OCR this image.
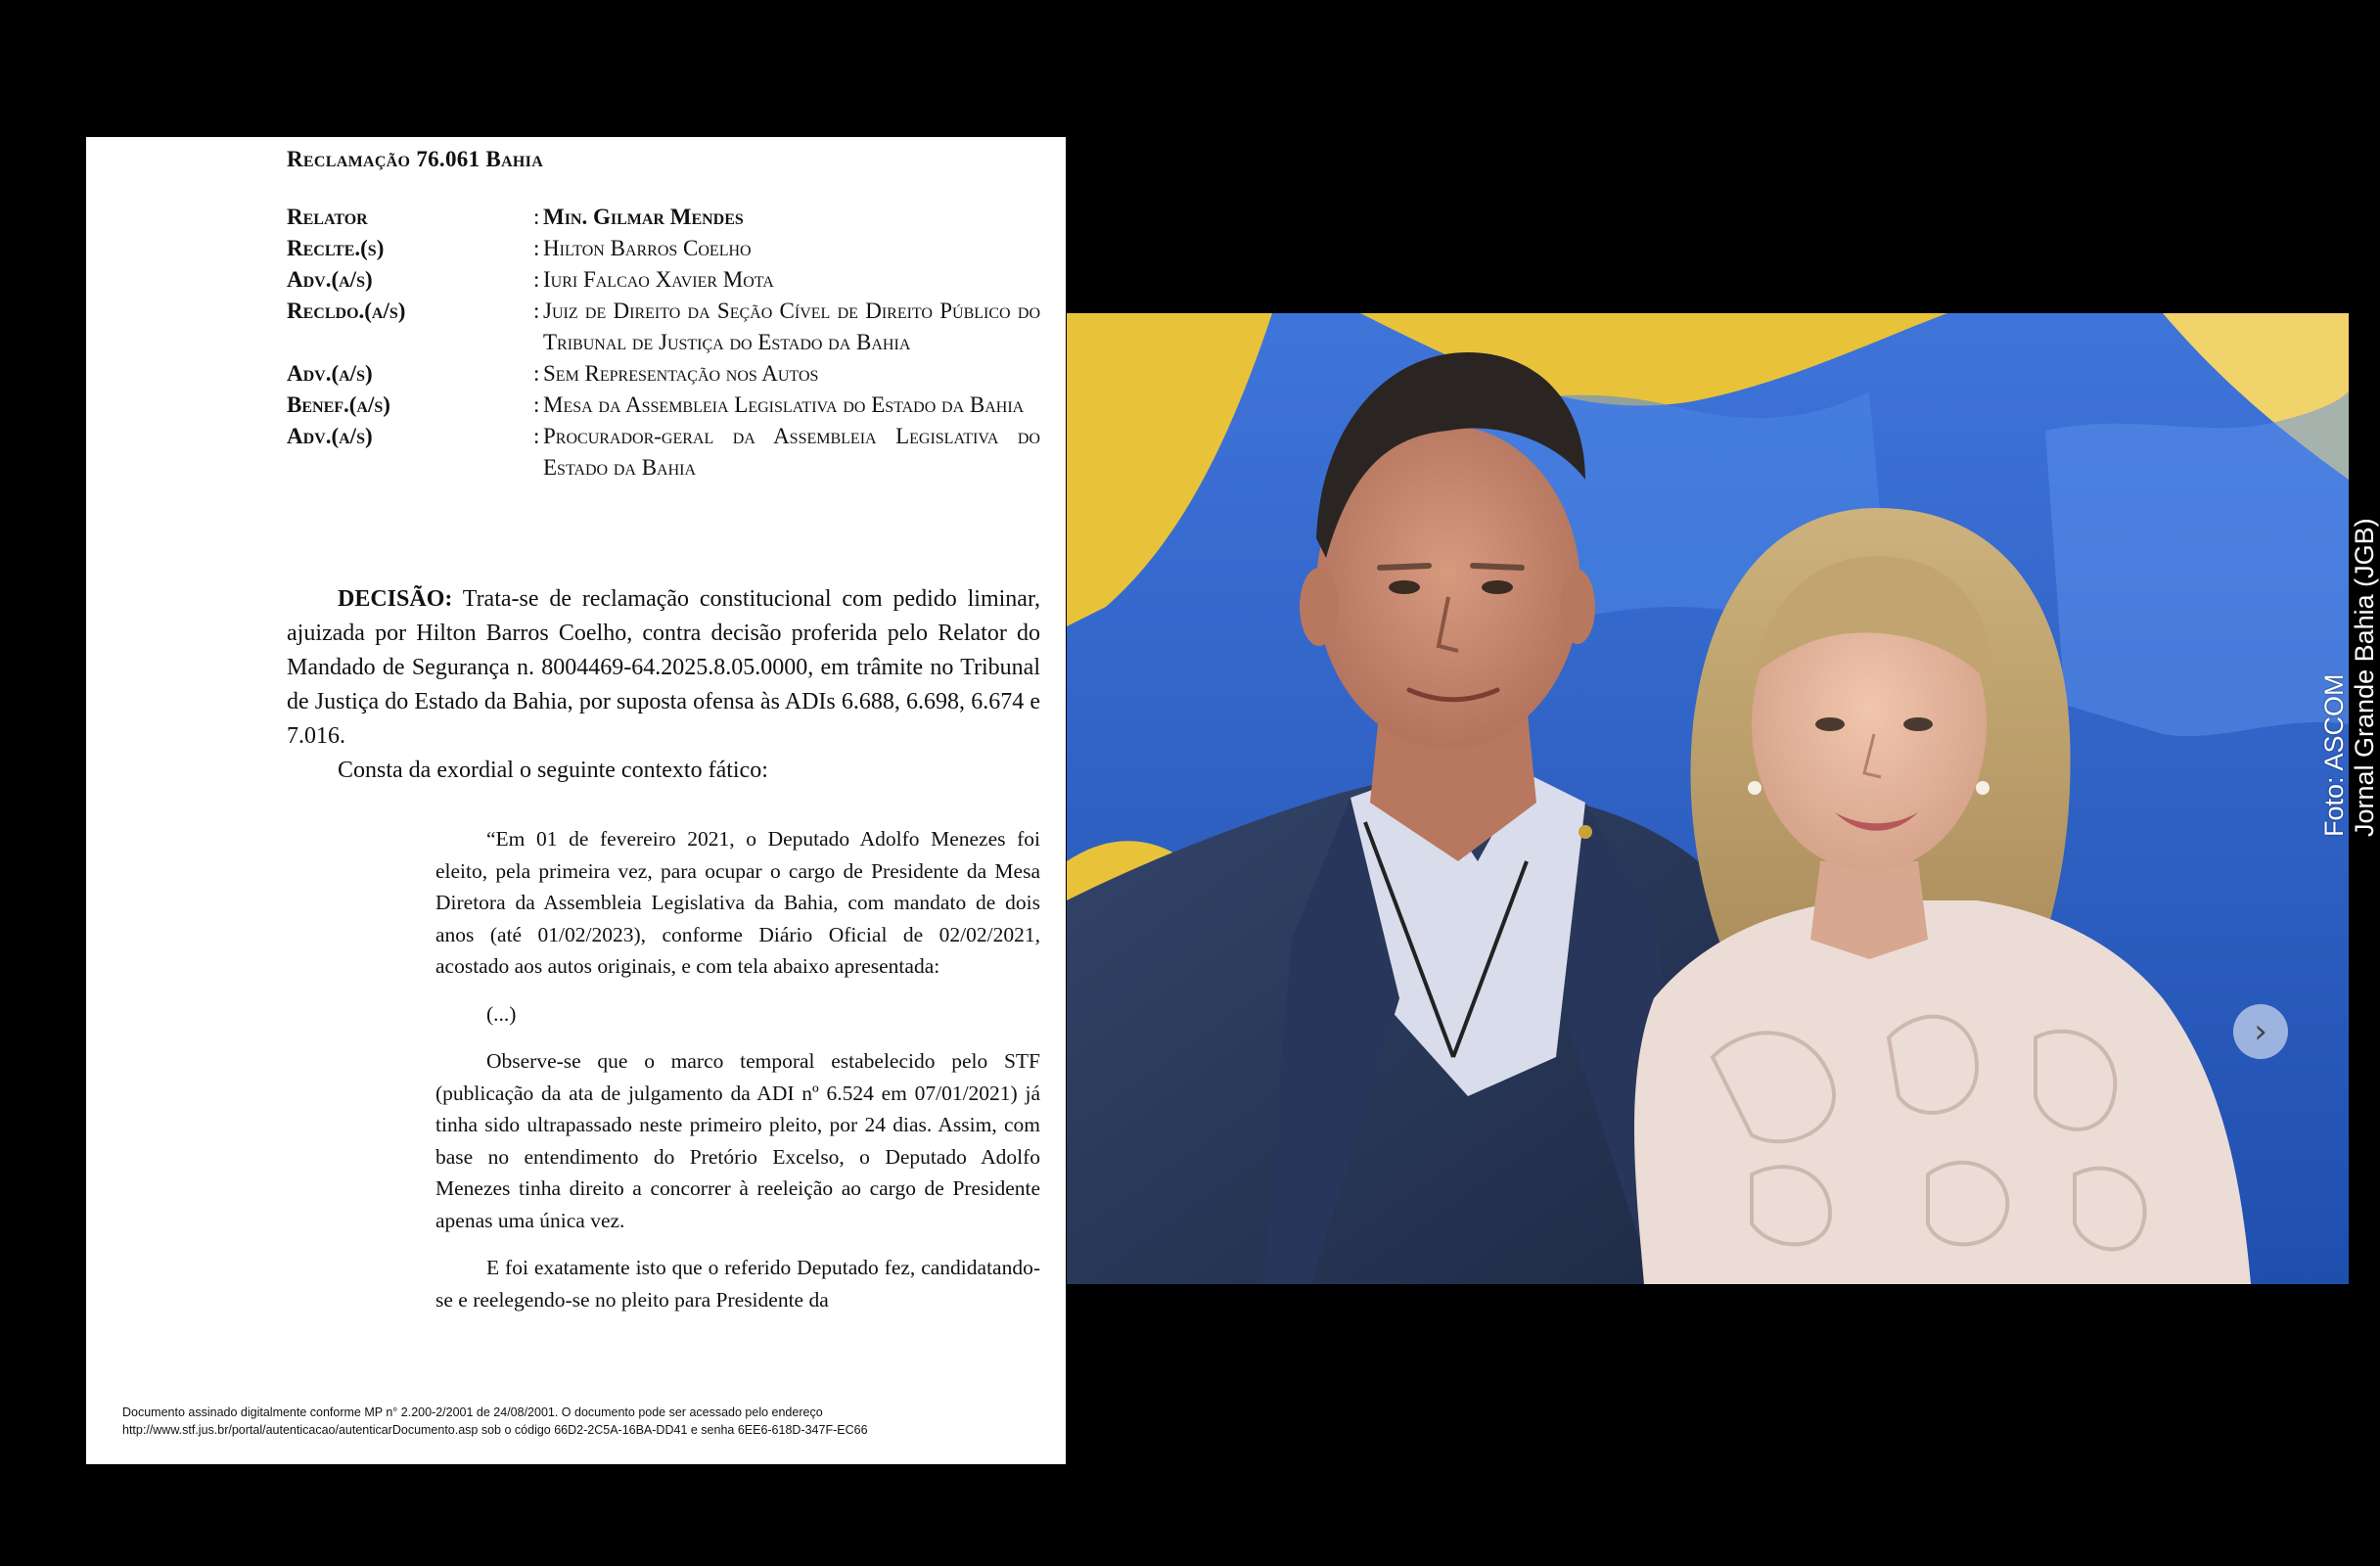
Reclamação 76.061 Bahia
Relator	: Min. Gilmar Mendes
Reclte.(s)	: Hilton Barros Coelho
Adv.(a/s)	: Iuri Falcao Xavier Mota
Recldo.(a/s)	: Juiz de Direito da Seção Cível de Direito Público do Tribunal de Justiça do Estado da Bahia
Adv.(a/s)	: Sem Representação nos Autos
Benef.(a/s)	: Mesa da Assembleia Legislativa do Estado da Bahia
Adv.(a/s)	: Procurador-geral da Assembleia Legislativa do Estado da Bahia

DECISÃO: Trata-se de reclamação constitucional com pedido liminar, ajuizada por Hilton Barros Coelho, contra decisão proferida pelo Relator do Mandado de Segurança n. 8004469-64.2025.8.05.0000, em trâmite no Tribunal de Justiça do Estado da Bahia, por suposta ofensa às ADIs 6.688, 6.698, 6.674 e 7.016.

Consta da exordial o seguinte contexto fático:

“Em 01 de fevereiro 2021, o Deputado Adolfo Menezes foi eleito, pela primeira vez, para ocupar o cargo de Presidente da Mesa Diretora da Assembleia Legislativa da Bahia, com mandato de dois anos (até 01/02/2023), conforme Diário Oficial de 02/02/2021, acostado aos autos originais, e com tela abaixo apresentada:

(...)

Observe-se que o marco temporal estabelecido pelo STF (publicação da ata de julgamento da ADI nº 6.524 em 07/01/2021) já tinha sido ultrapassado neste primeiro pleito, por 24 dias. Assim, com base no entendimento do Pretório Excelso, o Deputado Adolfo Menezes tinha direito a concorrer à reeleição ao cargo de Presidente apenas uma única vez.

E foi exatamente isto que o referido Deputado fez, candidatando-se e reelegendo-se no pleito para Presidente da

Documento assinado digitalmente conforme MP n° 2.200-2/2001 de 24/08/2001. O documento pode ser acessado pelo endereço
http://www.stf.jus.br/portal/autenticacao/autenticarDocumento.asp sob o código 66D2-2C5A-16BA-DD41 e senha 6EE6-618D-347F-EC66
›
Foto: ASCOM Jornal Grande Bahia (JGB)
